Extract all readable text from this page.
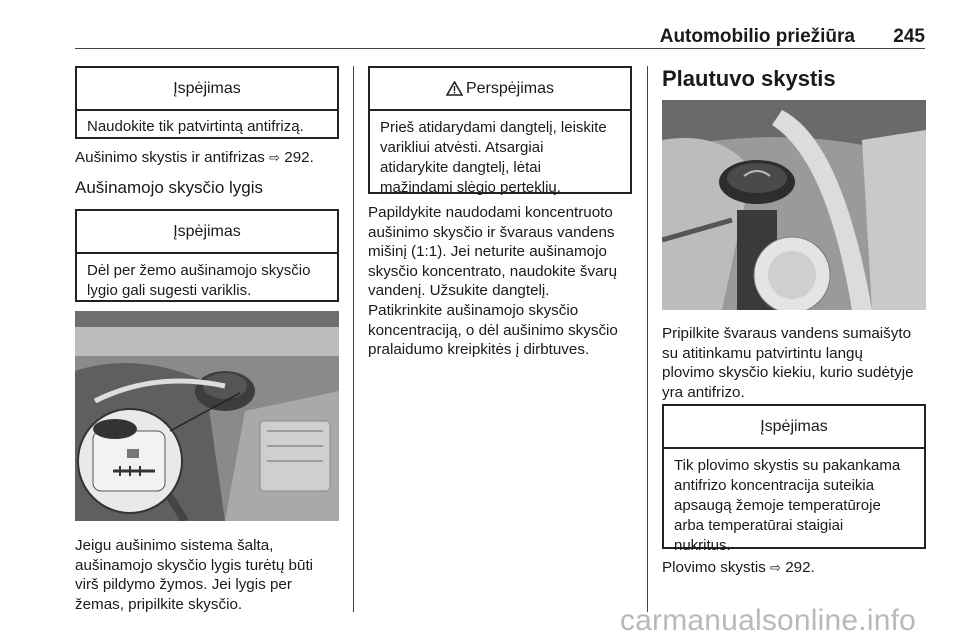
Automobilio priežiūra 245
Įspėjimas
Naudokite tik patvirtintą antifrizą.
Aušinimo skystis ir antifrizas ⇨ 292.
Aušinamojo skysčio lygis
Įspėjimas
Dėl per žemo aušinamojo skysčio
lygio gali sugesti variklis.
Jeigu aušinimo sistema šalta,
aušinamojo skysčio lygis turėtų būti
virš pildymo žymos. Jei lygis per
žemas, pripilkite skysčio.
Perspėjimas
Prieš atidarydami dangtelį, leiskite
varikliui atvėsti. Atsargiai
atidarykite dangtelį, lėtai
mažindami slėgio perteklių.
Papildykite naudodami koncentruoto
aušinimo skysčio ir švaraus vandens
mišinį (1:1). Jei neturite aušinamojo
skysčio koncentrato, naudokite švarų
vandenį. Užsukite dangtelį.
Patikrinkite aušinamojo skysčio
koncentraciją, o dėl aušinimo skysčio
pralaidumo kreipkitės į dirbtuves.
Plautuvo skystis
Pripilkite švaraus vandens sumaišyto
su atitinkamu patvirtintu langų
plovimo skysčio kiekiu, kurio sudėtyje
yra antifrizo.
Įspėjimas
Tik plovimo skystis su pakankama
antifrizo koncentracija suteikia
apsaugą žemoje temperatūroje
arba temperatūrai staigiai
nukritus.
Plovimo skystis ⇨ 292.
carmanualsonline.info
